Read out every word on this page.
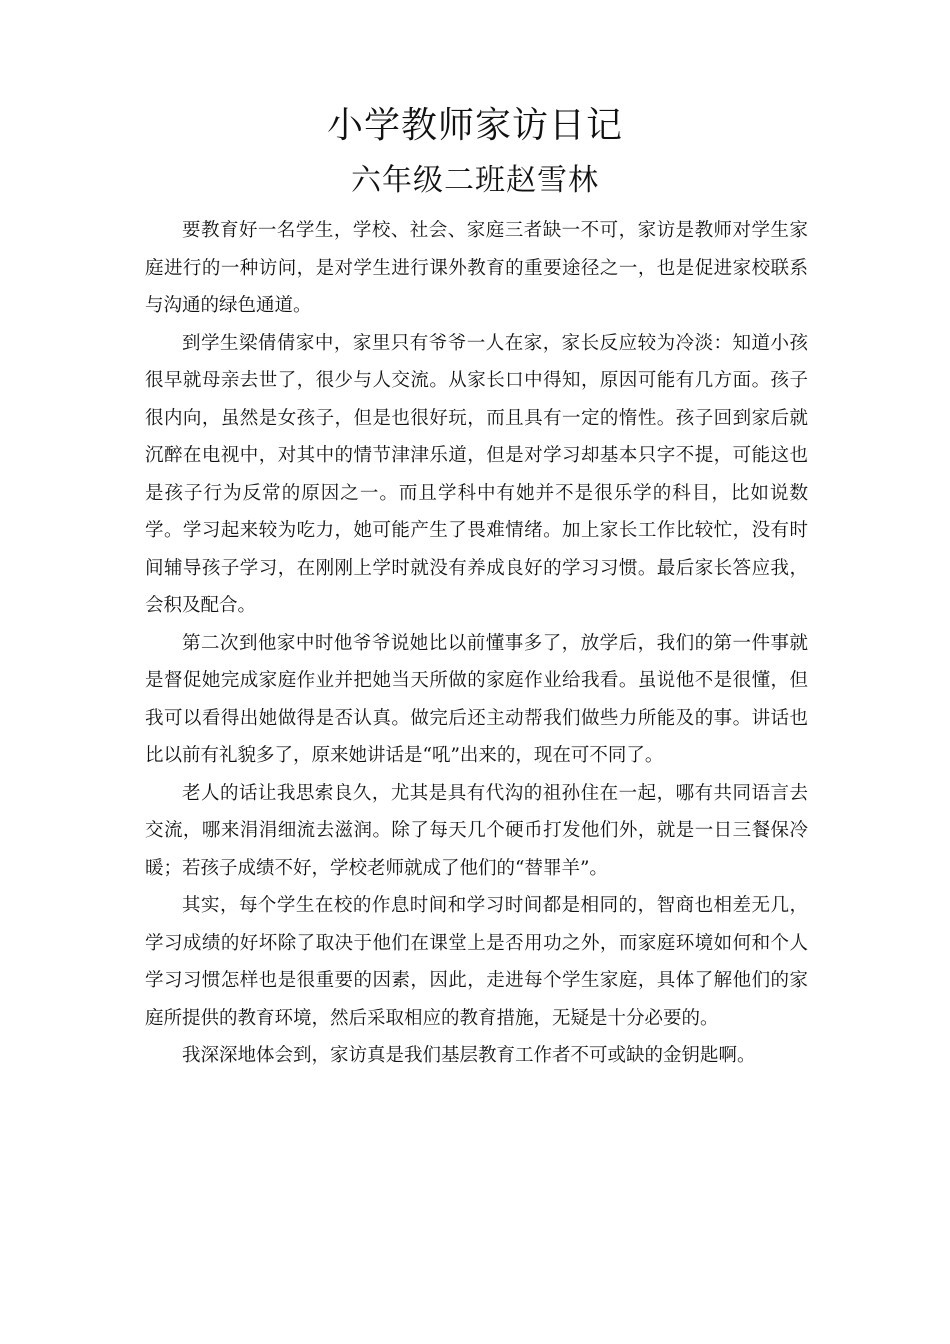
小学教师家访日记
六年级二班赵雪林

要教育好一名学生，学校、社会、家庭三者缺一不可，家访是教师对学生家庭进行的一种访问，是对学生进行课外教育的重要途径之一，也是促进家校联系与沟通的绿色通道。

到学生梁倩倩家中，家里只有爷爷一人在家，家长反应较为冷淡：知道小孩很早就母亲去世了，很少与人交流。从家长口中得知，原因可能有几方面。孩子很内向，虽然是女孩子，但是也很好玩，而且具有一定的惰性。孩子回到家后就沉醉在电视中，对其中的情节津津乐道，但是对学习却基本只字不提，可能这也是孩子行为反常的原因之一。而且学科中有她并不是很乐学的科目，比如说数学。学习起来较为吃力，她可能产生了畏难情绪。加上家长工作比较忙，没有时间辅导孩子学习，在刚刚上学时就没有养成良好的学习习惯。最后家长答应我，会积及配合。

第二次到他家中时他爷爷说她比以前懂事多了，放学后，我们的第一件事就是督促她完成家庭作业并把她当天所做的家庭作业给我看。虽说他不是很懂，但我可以看得出她做得是否认真。做完后还主动帮我们做些力所能及的事。讲话也比以前有礼貌多了，原来她讲话是“吼”出来的，现在可不同了。

老人的话让我思索良久，尤其是具有代沟的祖孙住在一起，哪有共同语言去交流，哪来涓涓细流去滋润。除了每天几个硬币打发他们外，就是一日三餐保冷暖；若孩子成绩不好，学校老师就成了他们的“替罪羊”。

其实，每个学生在校的作息时间和学习时间都是相同的，智商也相差无几，学习成绩的好坏除了取决于他们在课堂上是否用功之外，而家庭环境如何和个人学习习惯怎样也是很重要的因素，因此，走进每个学生家庭，具体了解他们的家庭所提供的教育环境，然后采取相应的教育措施，无疑是十分必要的。

我深深地体会到，家访真是我们基层教育工作者不可或缺的金钥匙啊。
